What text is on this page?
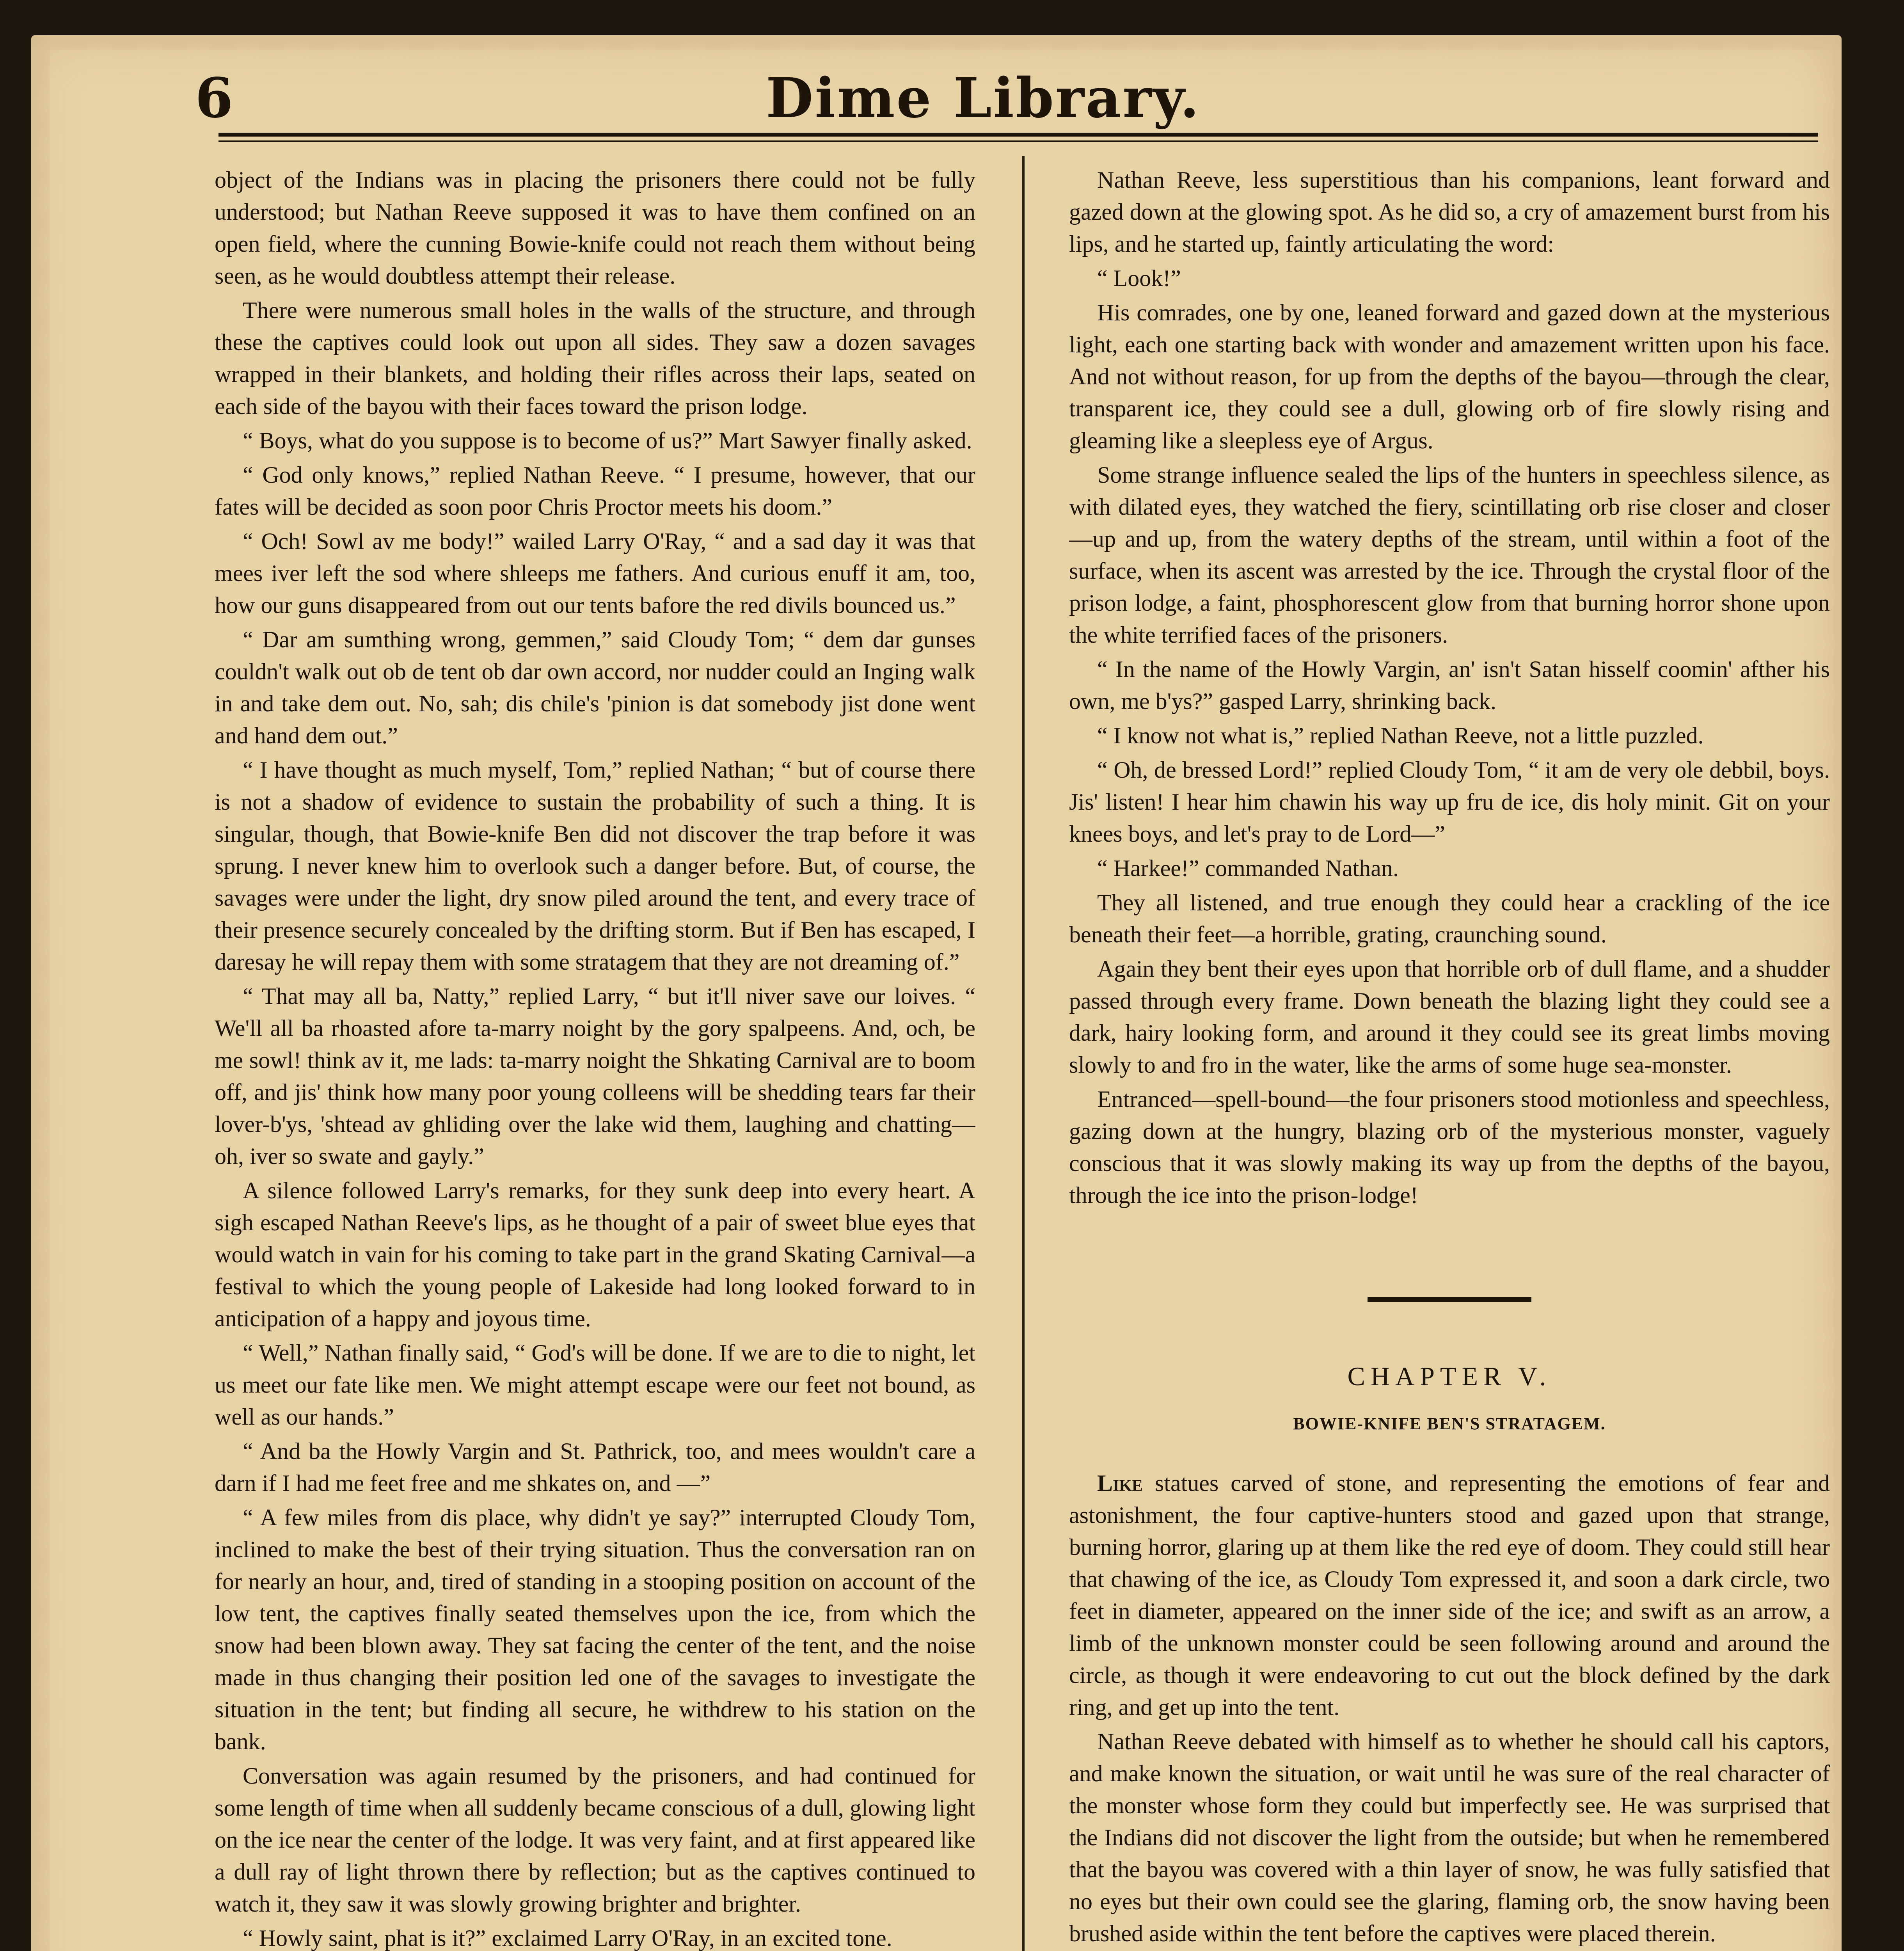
6	Dime Library.

object of the Indians was in placing the prisoners there could not be fully understood; but Nathan Reeve supposed it was to have them confined on an open field, where the cunning Bowie-knife could not reach them without being seen, as he would doubtless attempt their release.

There were numerous small holes in the walls of the structure, and through these the captives could look out upon all sides. They saw a dozen savages wrapped in their blankets, and holding their rifles across their laps, seated on each side of the bayou with their faces toward the prison lodge.

“ Boys, what do you suppose is to become of us?” Mart Sawyer finally asked.

“ God only knows,” replied Nathan Reeve. “ I presume, however, that our fates will be decided as soon poor Chris Proctor meets his doom.”

“ Och! Sowl av me body!” wailed Larry O'Ray, “ and a sad day it was that mees iver left the sod where shleeps me fathers. And curious enuff it am, too, how our guns disappeared from out our tents bafore the red divils bounced us.”

“ Dar am sumthing wrong, gemmen,” said Cloudy Tom; “ dem dar gunses couldn't walk out ob de tent ob dar own accord, nor nudder could an Inging walk in and take dem out. No, sah; dis chile's 'pinion is dat somebody jist done went and hand dem out.”

“ I have thought as much myself, Tom,” replied Nathan; “ but of course there is not a shadow of evidence to sustain the probability of such a thing. It is singular, though, that Bowie-knife Ben did not discover the trap before it was sprung. I never knew him to overlook such a danger before. But, of course, the savages were under the light, dry snow piled around the tent, and every trace of their presence securely concealed by the drifting storm. But if Ben has escaped, I daresay he will repay them with some stratagem that they are not dreaming of.”

“ That may all ba, Natty,” replied Larry, “ but it'll niver save our loives. “ We'll all ba rhoasted afore ta-marry noight by the gory spalpeens. And, och, be me sowl! think av it, me lads: ta-marry noight the Shkating Carnival are to boom off, and jis' think how many poor young colleens will be shedding tears far their lover-b'ys, 'shtead av ghliding over the lake wid them, laughing and chatting—oh, iver so swate and gayly.”

A silence followed Larry's remarks, for they sunk deep into every heart. A sigh escaped Nathan Reeve's lips, as he thought of a pair of sweet blue eyes that would watch in vain for his coming to take part in the grand Skating Carnival—a festival to which the young people of Lakeside had long looked forward to in anticipation of a happy and joyous time.

“ Well,” Nathan finally said, “ God's will be done. If we are to die to night, let us meet our fate like men. We might attempt escape were our feet not bound, as well as our hands.”

“ And ba the Howly Vargin and St. Pathrick, too, and mees wouldn't care a darn if I had me feet free and me shkates on, and —”

“ A few miles from dis place, why didn't ye say?” interrupted Cloudy Tom, inclined to make the best of their trying situation. Thus the conversation ran on for nearly an hour, and, tired of standing in a stooping position on account of the low tent, the captives finally seated themselves upon the ice, from which the snow had been blown away. They sat facing the center of the tent, and the noise made in thus changing their position led one of the savages to investigate the situation in the tent; but finding all secure, he withdrew to his station on the bank.

Conversation was again resumed by the prisoners, and had continued for some length of time when all suddenly became conscious of a dull, glowing light on the ice near the center of the lodge. It was very faint, and at first appeared like a dull ray of light thrown there by reflection; but as the captives continued to watch it, they saw it was slowly growing brighter and brighter.

“ Howly saint, phat is it?” exclaimed Larry O'Ray, in an excited tone.

Nathan Reeve, less superstitious than his companions, leant forward and gazed down at the glowing spot. As he did so, a cry of amazement burst from his lips, and he started up, faintly articulating the word:

“ Look!”

His comrades, one by one, leaned forward and gazed down at the mysterious light, each one starting back with wonder and amazement written upon his face. And not without reason, for up from the depths of the bayou—through the clear, transparent ice, they could see a dull, glowing orb of fire slowly rising and gleaming like a sleepless eye of Argus.

Some strange influence sealed the lips of the hunters in speechless silence, as with dilated eyes, they watched the fiery, scintillating orb rise closer and closer—up and up, from the watery depths of the stream, until within a foot of the surface, when its ascent was arrested by the ice. Through the crystal floor of the prison lodge, a faint, phosphorescent glow from that burning horror shone upon the white terrified faces of the prisoners.

“ In the name of the Howly Vargin, an' isn't Satan hisself coomin' afther his own, me b'ys?” gasped Larry, shrinking back.

“ I know not what is,” replied Nathan Reeve, not a little puzzled.

“ Oh, de bressed Lord!” replied Cloudy Tom, “ it am de very ole debbil, boys. Jis' listen! I hear him chawin his way up fru de ice, dis holy minit. Git on your knees boys, and let's pray to de Lord—”

“ Harkee!” commanded Nathan.

They all listened, and true enough they could hear a crackling of the ice beneath their feet—a horrible, grating, craunching sound.

Again they bent their eyes upon that horrible orb of dull flame, and a shudder passed through every frame. Down beneath the blazing light they could see a dark, hairy looking form, and around it they could see its great limbs moving slowly to and fro in the water, like the arms of some huge sea-monster.

Entranced—spell-bound—the four prisoners stood motionless and speechless, gazing down at the hungry, blazing orb of the mysterious monster, vaguely conscious that it was slowly making its way up from the depths of the bayou, through the ice into the prison-lodge!

CHAPTER V.
BOWIE-KNIFE BEN'S STRATAGEM.

Like statues carved of stone, and representing the emotions of fear and astonishment, the four captive-hunters stood and gazed upon that strange, burning horror, glaring up at them like the red eye of doom. They could still hear that chawing of the ice, as Cloudy Tom expressed it, and soon a dark circle, two feet in diameter, appeared on the inner side of the ice; and swift as an arrow, a limb of the unknown monster could be seen following around and around the circle, as though it were endeavoring to cut out the block defined by the dark ring, and get up into the tent.

Nathan Reeve debated with himself as to whether he should call his captors, and make known the situation, or wait until he was sure of the real character of the monster whose form they could but imperfectly see. He was surprised that the Indians did not discover the light from the outside; but when he remembered that the bayou was covered with a thin layer of snow, he was fully satisfied that no eyes but their own could see the glaring, flaming orb, the snow having been brushed aside within the tent before the captives were placed therein.
